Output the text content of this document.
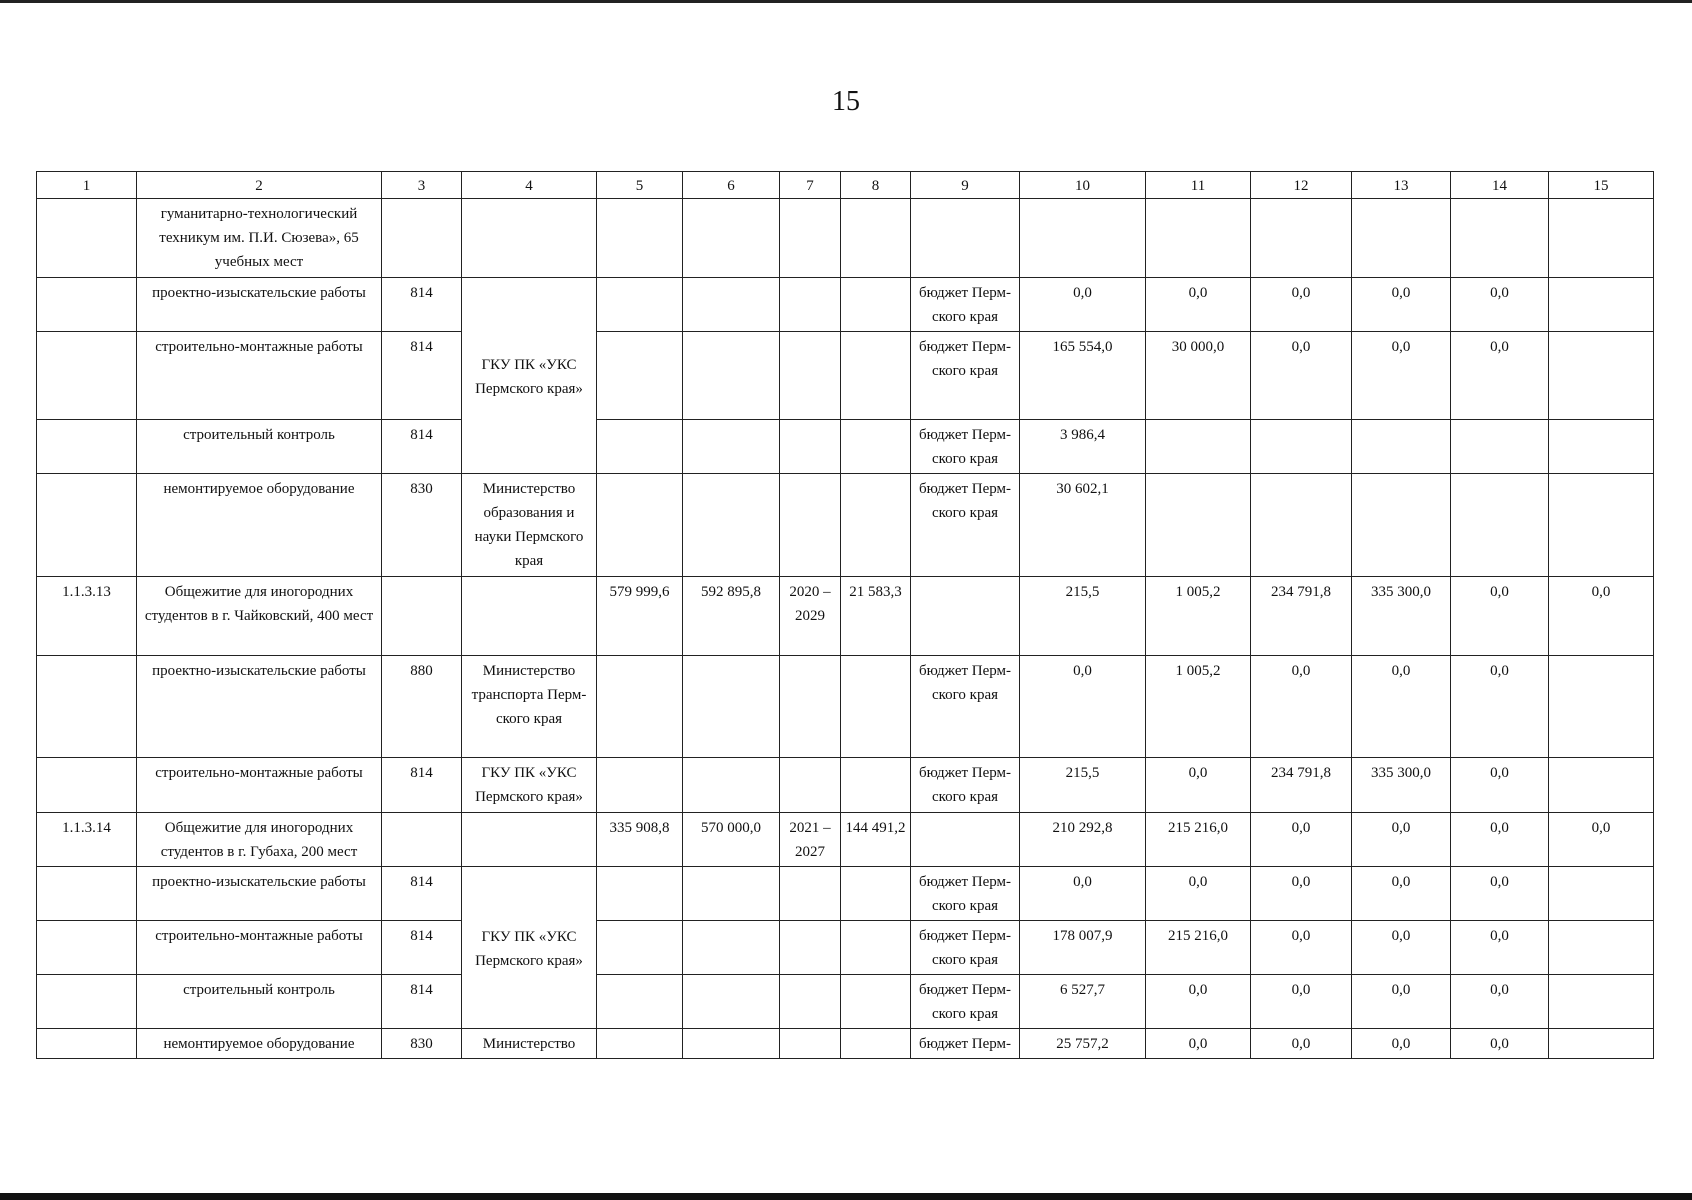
15
1	2	3	4	5	6	7	8	9	10	11	12	13	14	15
	гуманитарно-технологический техникум им. П.И. Сюзева», 65 учебных мест													
	проектно-изыскательские работы	814	ГКУ ПК «УКС Пермского края»					бюджет Перм-ского края	0,0	0,0	0,0	0,0	0,0	
	строительно-монтажные работы	814						бюджет Перм-ского края	165 554,0	30 000,0	0,0	0,0	0,0	
	строительный контроль	814						бюджет Перм-ского края	3 986,4					
	немонтируемое оборудование	830	Министерство образования и науки Пермского края					бюджет Перм-ского края	30 602,1					
1.1.3.13	Общежитие для иногородних студентов в г. Чайковский, 400 мест			579 999,6	592 895,8	2020 – 2029	21 583,3		215,5	1 005,2	234 791,8	335 300,0	0,0	0,0
	проектно-изыскательские работы	880	Министерство транспорта Перм-ского края					бюджет Перм-ского края	0,0	1 005,2	0,0	0,0	0,0	
	строительно-монтажные работы	814	ГКУ ПК «УКС Пермского края»					бюджет Перм-ского края	215,5	0,0	234 791,8	335 300,0	0,0	
1.1.3.14	Общежитие для иногородних студентов в г. Губаха, 200 мест			335 908,8	570 000,0	2021 – 2027	144 491,2		210 292,8	215 216,0	0,0	0,0	0,0	0,0
	проектно-изыскательские работы	814	ГКУ ПК «УКС Пермского края»					бюджет Перм-ского края	0,0	0,0	0,0	0,0	0,0	
	строительно-монтажные работы	814						бюджет Перм-ского края	178 007,9	215 216,0	0,0	0,0	0,0	
	строительный контроль	814						бюджет Перм-ского края	6 527,7	0,0	0,0	0,0	0,0	
	немонтируемое оборудование	830	Министерство					бюджет Перм-	25 757,2	0,0	0,0	0,0	0,0	
